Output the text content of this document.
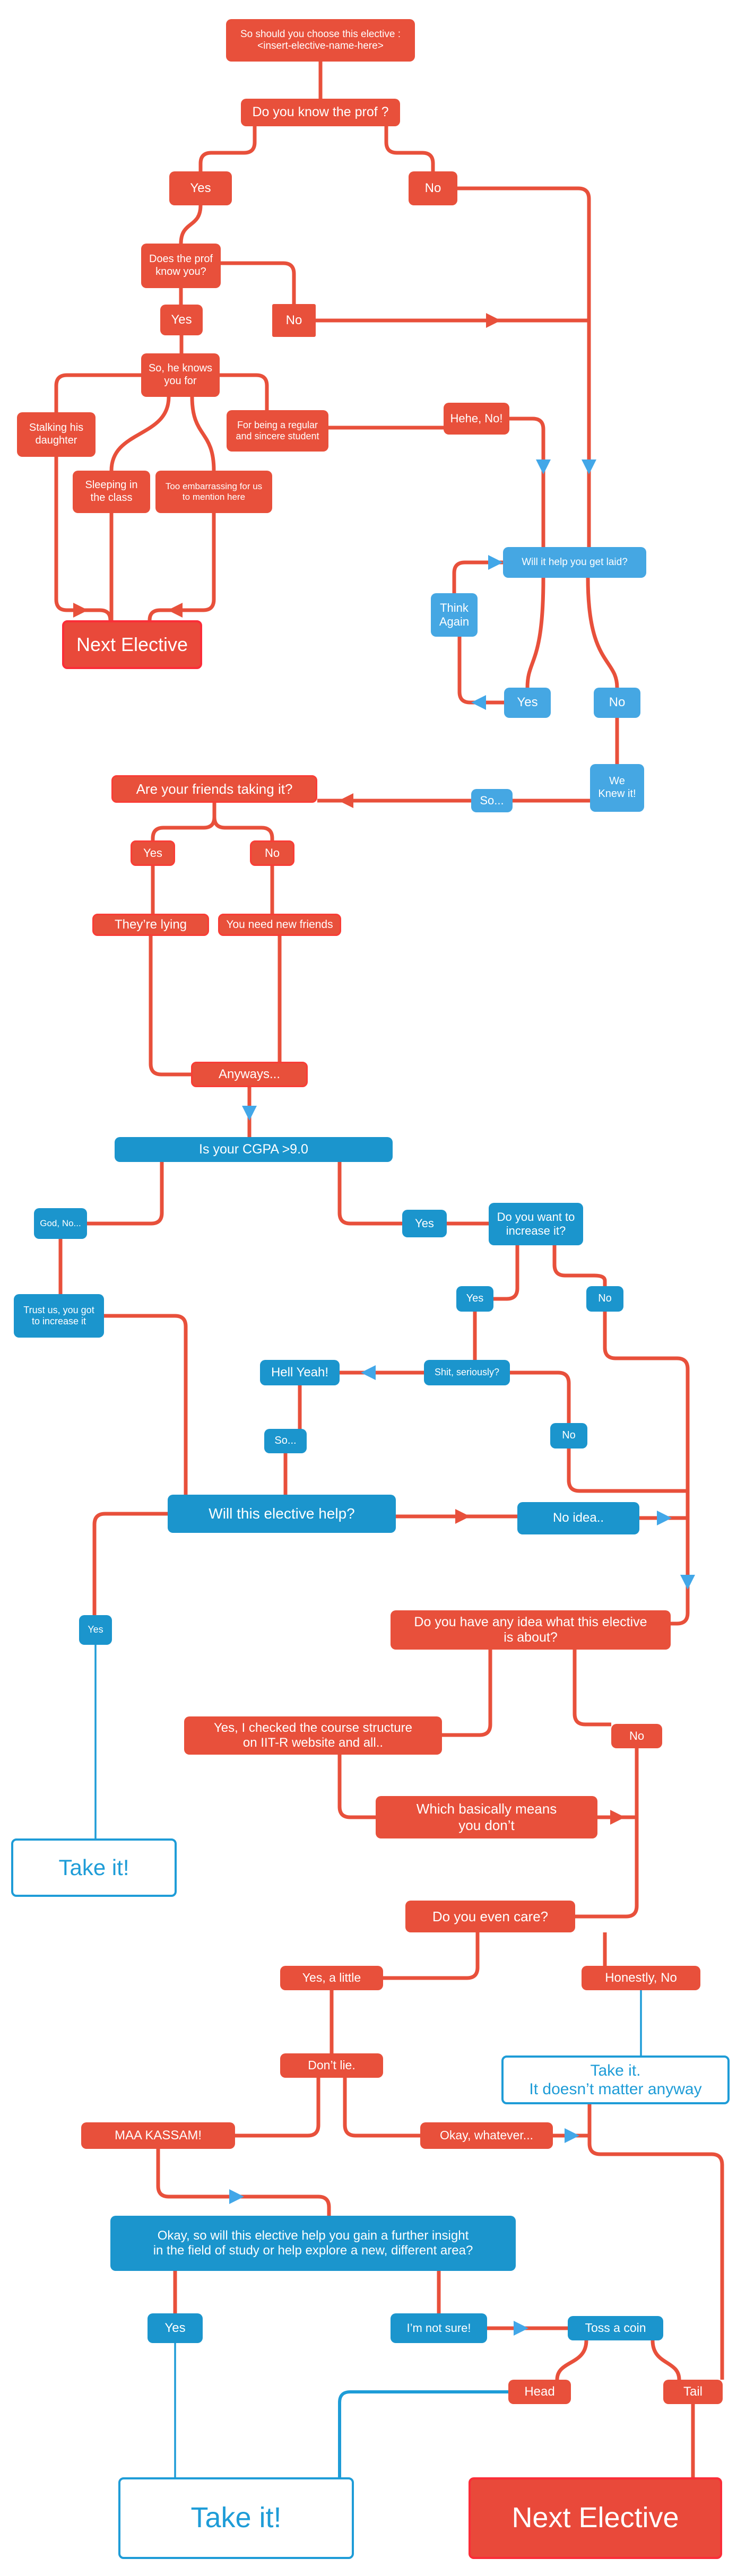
So should you choose this elective :
<insert-elective-name-here>
Do you know the prof ?
Yes	No
Does the prof
know you?
Yes	No
So, he knows
you for
Stalking his
daughter
For being a regular
and sincere student
Hehe, No!
Sleeping in
the class
Too embarrassing for us
to mention here
Next Elective
Will it help you get laid?
Think
Again
Yes	No
We
Knew it!
So...
Are your friends taking it?
Yes	No
They’re lying	You need new friends
Anyways...
Is your CGPA >9.0
God, No...	Yes	Do you want to
increase it?
Trust us, you got
to increase it
Yes	No
Hell Yeah!	Shit, seriously?
No
So...
Will this elective help?	No idea..
Yes
Do you have any idea what this elective
is about?
Yes, I checked the course structure
on IIT-R website and all..	No
Which basically means
you don’t
Take it!
Do you even care?
Yes, a little	Honestly, No
Don’t lie.	Take it.
It doesn’t matter anyway
MAA KASSAM!	Okay, whatever...
Okay, so will this elective help you gain a further insight
in the field of study or help explore a new, different area?
Yes	I’m not sure!	Toss a coin
Head	Tail
Take it!	Next Elective
